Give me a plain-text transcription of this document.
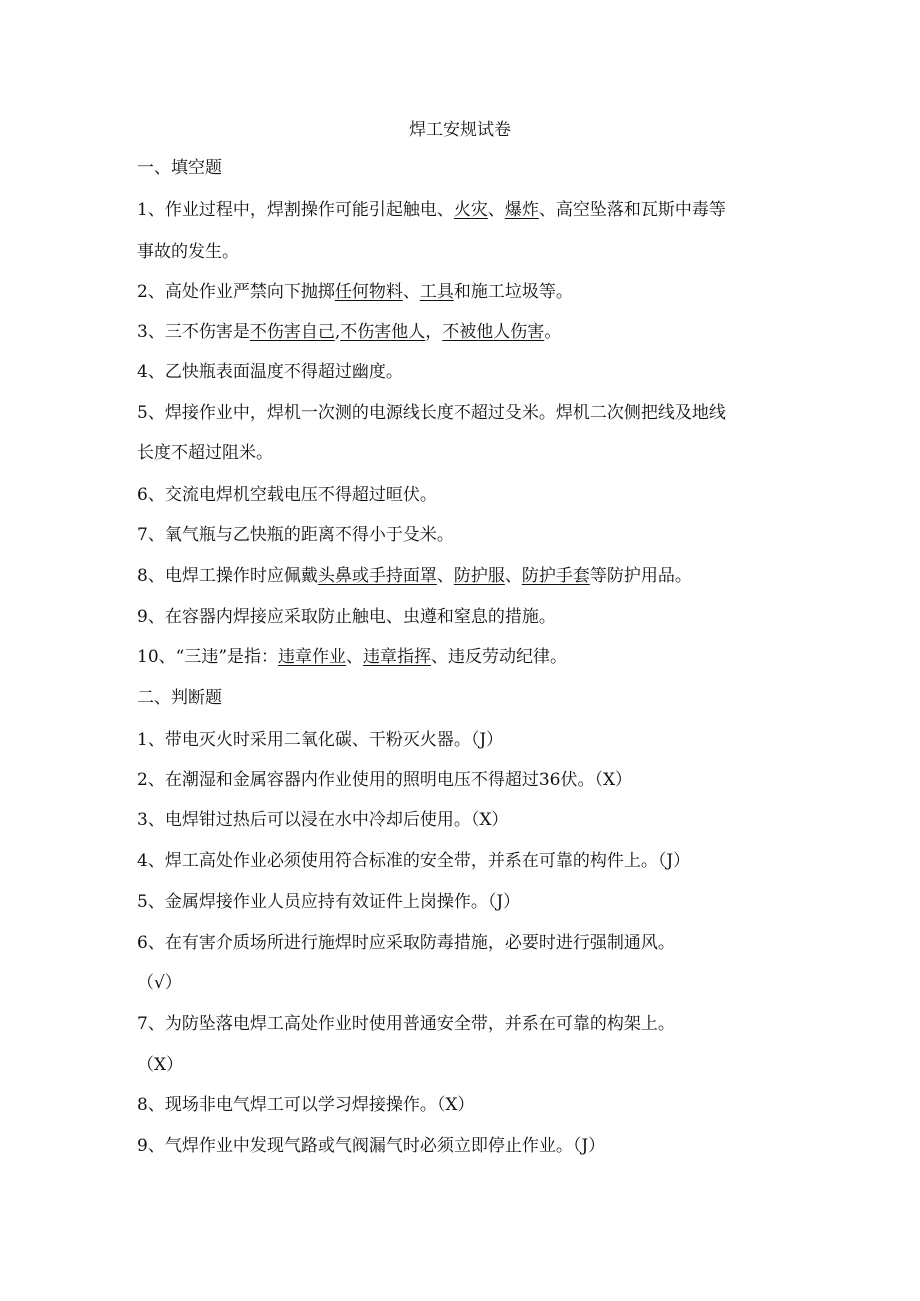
焊工安规试卷
一、填空题
1、作业过程中，焊割操作可能引起触电、火灾、爆炸、高空坠落和瓦斯中毒等
事故的发生。
2、高处作业严禁向下抛掷任何物料、工具和施工垃圾等。
3、三不伤害是不伤害自己,不伤害他人，不被他人伤害。
4、乙快瓶表面温度不得超过幽度。
5、焊接作业中，焊机一次测的电源线长度不超过殳米。焊机二次侧把线及地线
长度不超过阻米。
6、交流电焊机空载电压不得超过晅伏。
7、氧气瓶与乙快瓶的距离不得小于殳米。
8、电焊工操作时应佩戴头鼻或手持面罩、防护服、防护手套等防护用品。
9、在容器内焊接应采取防止触电、虫遵和窒息的措施。
10、“三违”是指：违章作业、违章指挥、违反劳动纪律。
二、判断题
1、带电灭火时采用二氧化碳、干粉灭火器。（J）
2、在潮湿和金属容器内作业使用的照明电压不得超过36伏。（X）
3、电焊钳过热后可以浸在水中冷却后使用。（X）
4、焊工高处作业必须使用符合标准的安全带，并系在可靠的构件上。（J）
5、金属焊接作业人员应持有效证件上岗操作。（J）
6、在有害介质场所进行施焊时应采取防毒措施，必要时进行强制通风。
（√）
7、为防坠落电焊工高处作业时使用普通安全带，并系在可靠的构架上。
（X）
8、现场非电气焊工可以学习焊接操作。（X）
9、气焊作业中发现气路或气阀漏气时必须立即停止作业。（J）
